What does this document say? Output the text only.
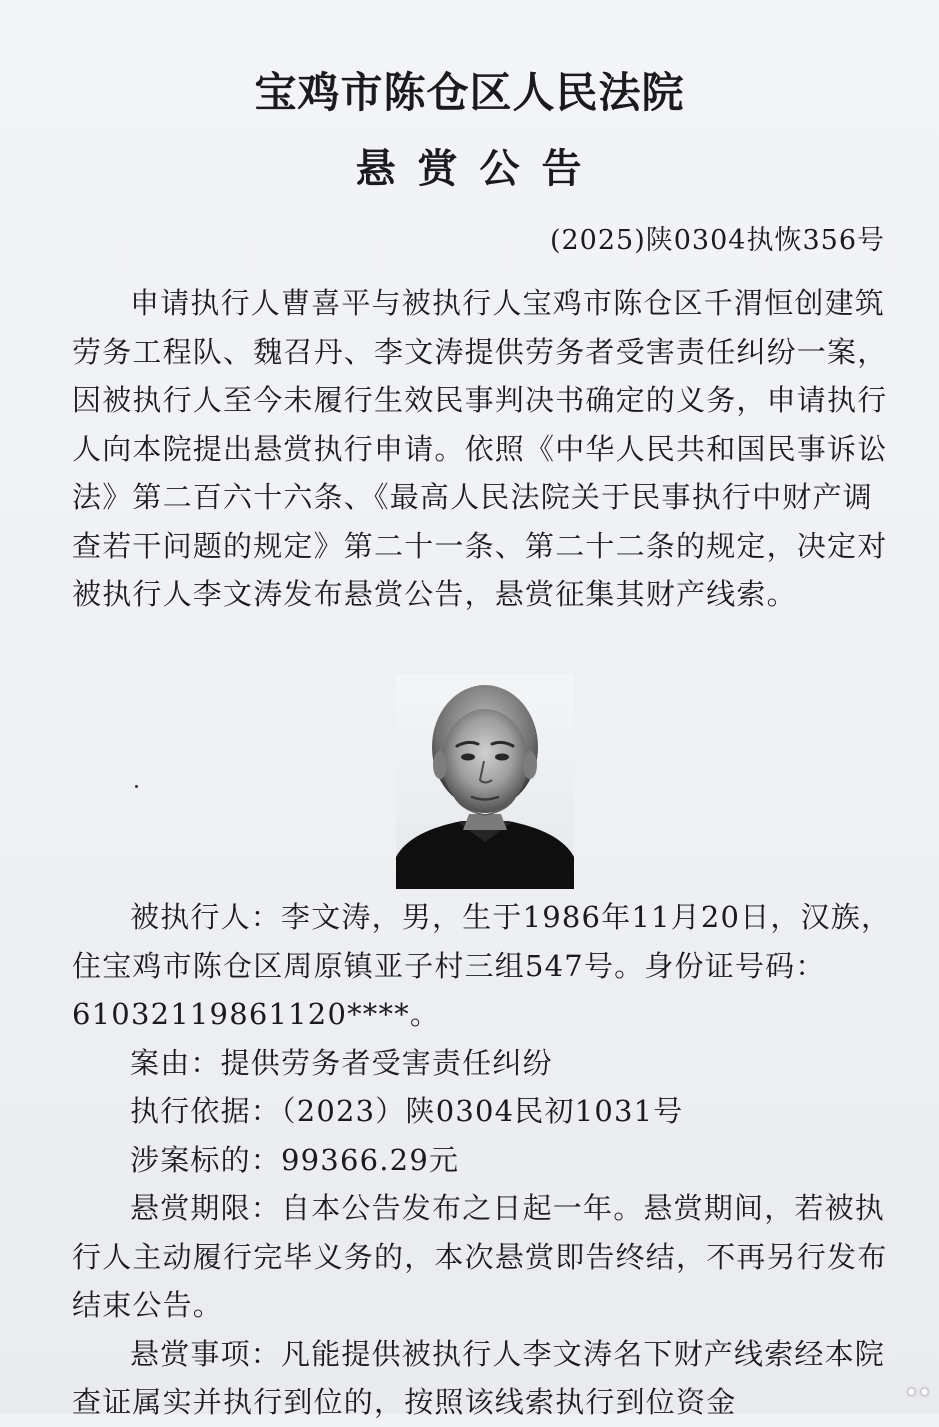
宝鸡市陈仓区人民法院
悬赏公告
(2025)陕0304执恢356号

申请执行人曹喜平与被执行人宝鸡市陈仓区千渭恒创建筑劳务工程队、魏召丹、李文涛提供劳务者受害责任纠纷一案，因被执行人至今未履行生效民事判决书确定的义务，申请执行人向本院提出悬赏执行申请。依照《中华人民共和国民事诉讼法》第二百六十六条、《最高人民法院关于民事执行中财产调查若干问题的规定》第二十一条、第二十二条的规定，决定对被执行人李文涛发布悬赏公告，悬赏征集其财产线索。

被执行人：李文涛，男，生于1986年11月20日，汉族，住宝鸡市陈仓区周原镇亚子村三组547号。身份证号码：61032119861120****。

案由：提供劳务者受害责任纠纷

执行依据：（2023）陕0304民初1031号

涉案标的：99366.29元

悬赏期限：自本公告发布之日起一年。悬赏期间，若被执行人主动履行完毕义务的，本次悬赏即告终结，不再另行发布结束公告。

悬赏事项：凡能提供被执行人李文涛名下财产线索经本院查证属实并执行到位的，按照该线索执行到位资金	••
